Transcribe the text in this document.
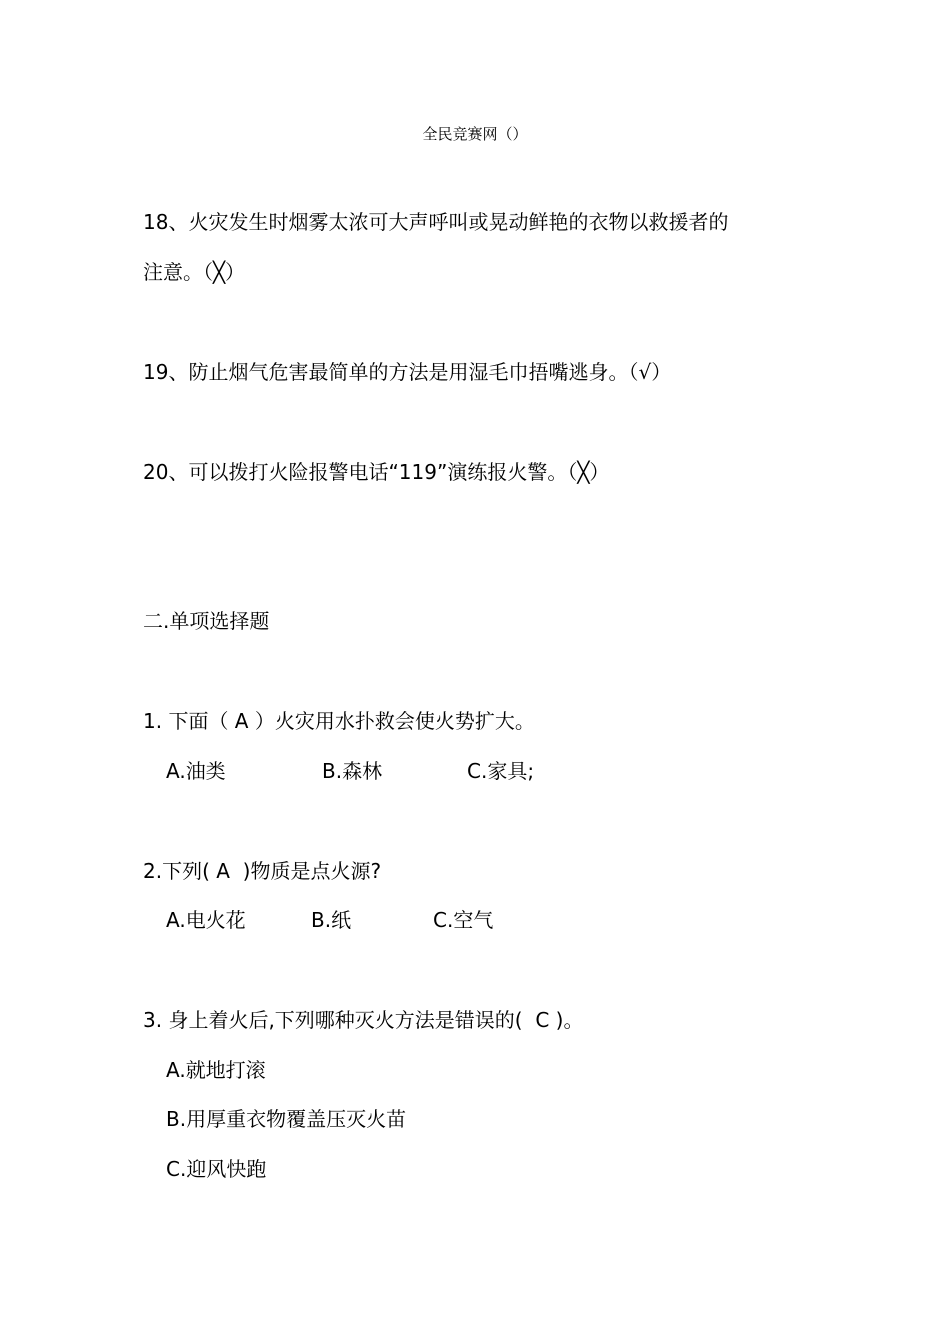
全民竞赛网（）
18、火灾发生时烟雾太浓可大声呼叫或晃动鲜艳的衣物以救援者的
注意。（╳）
19、防止烟气危害最简单的方法是用湿毛巾捂嘴逃身。（√）
20、可以拨打火险报警电话“119”演练报火警。（╳）
二.单项选择题
1. 下面（ A ）火灾用水扑救会使火势扩大。
A.油类	B.森林	C.家具;
2.下列( A  )物质是点火源?
A.电火花	B.纸	C.空气
3. 身上着火后,下列哪种灭火方法是错误的(  C )。
A.就地打滚
B.用厚重衣物覆盖压灭火苗
C.迎风快跑
